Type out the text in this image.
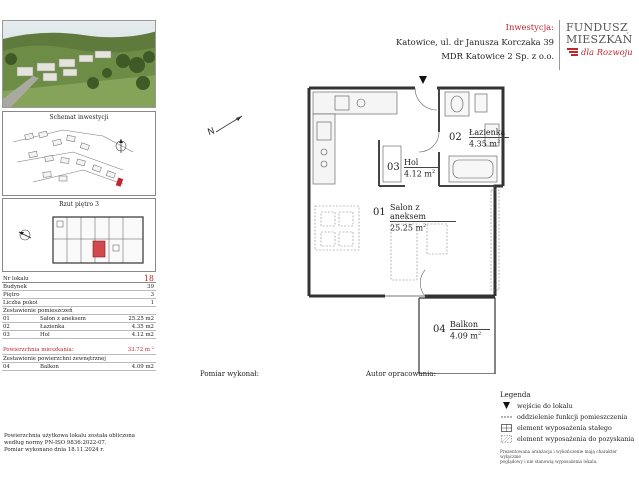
Schemat inwestycji
Rzut piętro 3
Nr lokalu	18
Budynek	39
Piętro	3
Liczba pokoi	1
Zestawienie pomieszczeń
01	Salon z aneksem	25.25 m2
02	Łazienka	4.35 m2
03	Hol	4.12 m2
Powierzchnia mieszkania:	33.72 m 2
Zestawienie powierzchni zewnętrznej
04	Balkon	4.09 m2
Powierzchnia użytkowa lokalu została obliczona
według normy PN-ISO 9836:2022-07.
Pomiar wykonano dnia 18.11.2024 r.
Inwestycja:
Katowice, ul. dr Janusza Korczaka 39
MDR Katowice 2 Sp. z o.o.
FUNDUSZ
MIESZKAŃ
dla Rozwoju
N	02 Łazienka
4.35 $m^2$
03 Hol
4.12 $m^2$
01 Salon z aneksem
25.25 $m^2$
04 Balkon
4.09 $m^2$
Pomiar wykonał:	Autor opracowania:
Legenda
wejście do lokalu
oddzielenie funkcji pomieszczenia
element wyposażenia stałego
element wyposażenia do pozyskania
Prezentowana aranżacja i wykończenie mają charakter wyłącznie
poglądowy i nie stanowią wyposażenia lokalu.
